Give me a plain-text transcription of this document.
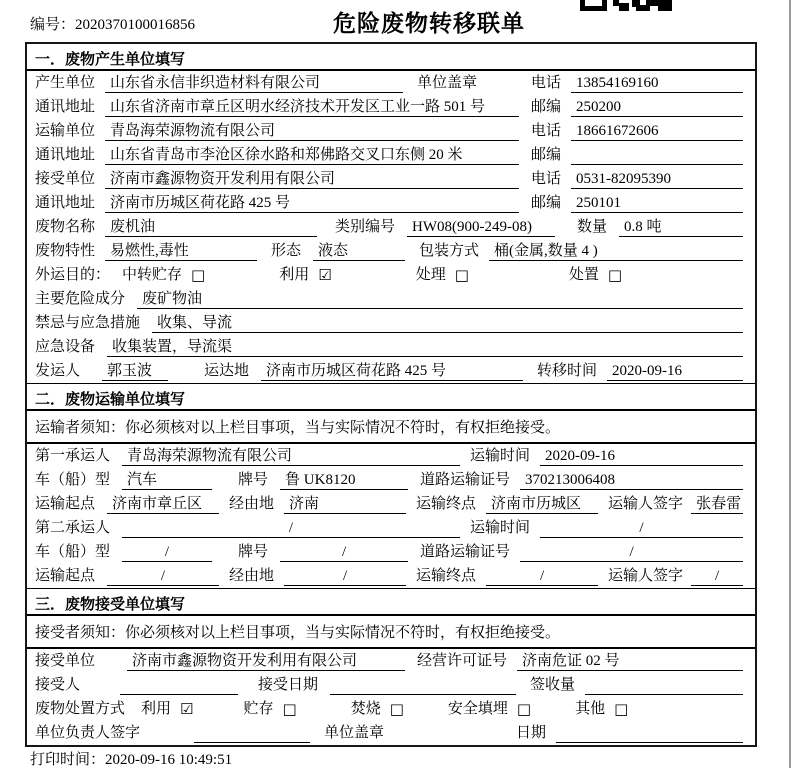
编号：2020370100016856	危险废物转移联单
一．废物产生单位填写
产生单位	山东省永信非织造材料有限公司	单位盖章	电话 13854169160
通讯地址	山东省济南市章丘区明水经济技术开发区工业一路 501 号	邮编 250200
运输单位	青岛海荣源物流有限公司	电话 18661672606
通讯地址	山东省青岛市李沧区徐水路和郑佛路交叉口东侧 20 米	邮编
接受单位	济南市鑫源物资开发利用有限公司	电话 0531-82095390
通讯地址	济南市历城区荷花路 425 号	邮编 250101
废物名称	废机油	类别编号	HW08(900-249-08)	数量	0.8 吨
废物特性	易燃性,毒性	形态	液态	包装方式	桶(金属,数量 4 )
外运目的： 中转贮存 □	利用 ☑	处理 □	处置 □
主要危险成分	废矿物油
禁忌与应急措施	收集、导流
应急设备	收集装置，导流渠
发运人	郭玉波	运达地	济南市历城区荷花路 425 号	转移时间	2020-09-16
二．废物运输单位填写
运输者须知：你必须核对以上栏目事项，当与实际情况不符时，有权拒绝接受。
第一承运人	青岛海荣源物流有限公司	运输时间	2020-09-16
车（船）型	汽车	牌号	鲁 UK8120	道路运输证号	370213006408
运输起点	济南市章丘区	经由地	济南	运输终点	济南市历城区	运输人签字 张春雷
第二承运人	/	运输时间	/
车（船）型	/	牌号	/	道路运输证号	/
运输起点	/	经由地	/	运输终点	/	运输人签字	/
三．废物接受单位填写
接受者须知：你必须核对以上栏目事项，当与实际情况不符时，有权拒绝接受。
接受单位	济南市鑫源物资开发利用有限公司	经营许可证号	济南危证 02 号
接受人	接受日期	签收量
废物处置方式 利用 ☑	贮存 □	焚烧 □	安全填埋 □	其他 □
单位负责人签字	单位盖章	日期
打印时间：2020-09-16 10:49:51
